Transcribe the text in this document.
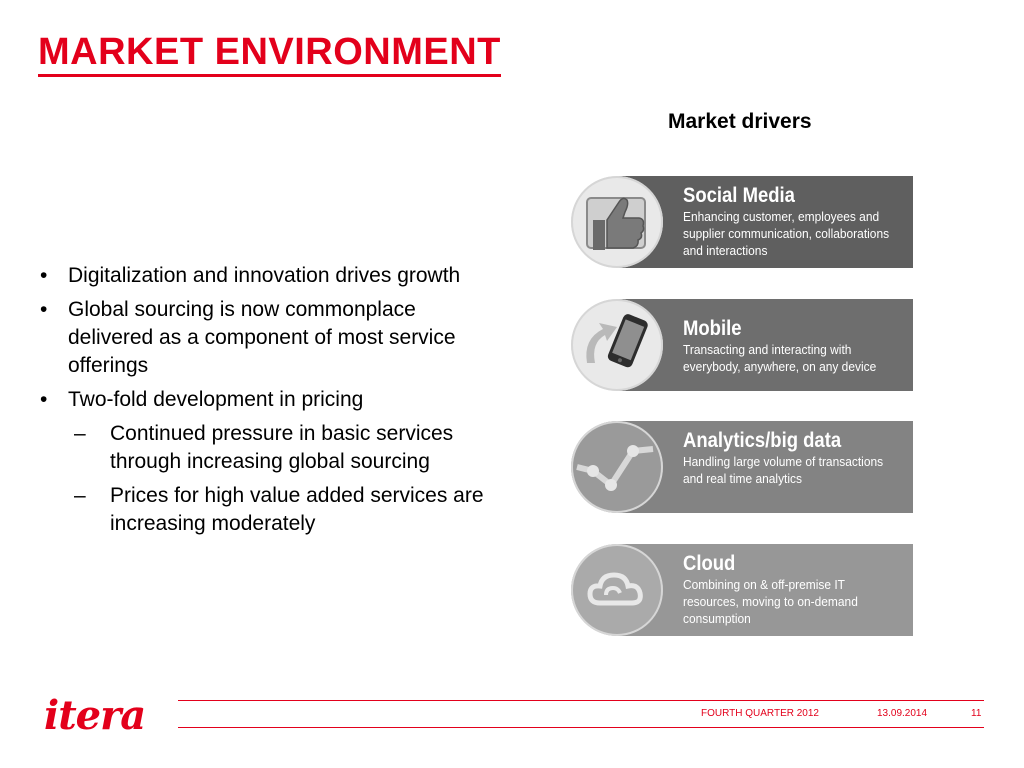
MARKET ENVIRONMENT
Market drivers
• Digitalization and innovation drives growth
• Global sourcing is now commonplace delivered as a component of most service offerings
• Two-fold development in pricing
– Continued pressure in basic services through increasing global sourcing
– Prices for high value added services are increasing moderately
Social Media
Enhancing customer, employees and supplier communication, collaborations and interactions
Mobile
Transacting and interacting with everybody, anywhere, on any device
Analytics/big data
Handling large volume of transactions and real time analytics
Cloud
Combining on & off-premise IT resources, moving to on-demand consumption
itera	FOURTH QUARTER 2012	13.09.2014	11
